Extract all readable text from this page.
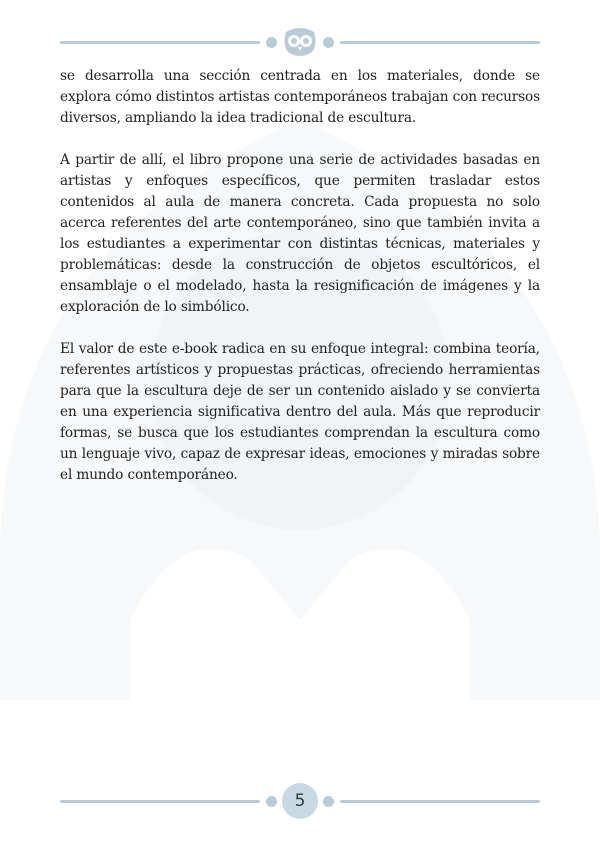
se desarrolla una sección centrada en los materiales, donde se explora cómo distintos artistas contemporáneos trabajan con recursos diversos, ampliando la idea tradicional de escultura.

A partir de allí, el libro propone una serie de actividades basadas en artistas y enfoques específicos, que permiten trasladar estos contenidos al aula de manera concreta. Cada propuesta no solo acerca referentes del arte contemporáneo, sino que también invita a los estudiantes a experimentar con distintas técnicas, materiales y problemáticas: desde la construcción de objetos escultóricos, el ensamblaje o el modelado, hasta la resignificación de imágenes y la exploración de lo simbólico.

El valor de este e-book radica en su enfoque integral: combina teoría, referentes artísticos y propuestas prácticas, ofreciendo herramientas para que la escultura deje de ser un contenido aislado y se convierta en una experiencia significativa dentro del aula. Más que reproducir formas, se busca que los estudiantes comprendan la escultura como un lenguaje vivo, capaz de expresar ideas, emociones y miradas sobre el mundo contemporáneo.

5
